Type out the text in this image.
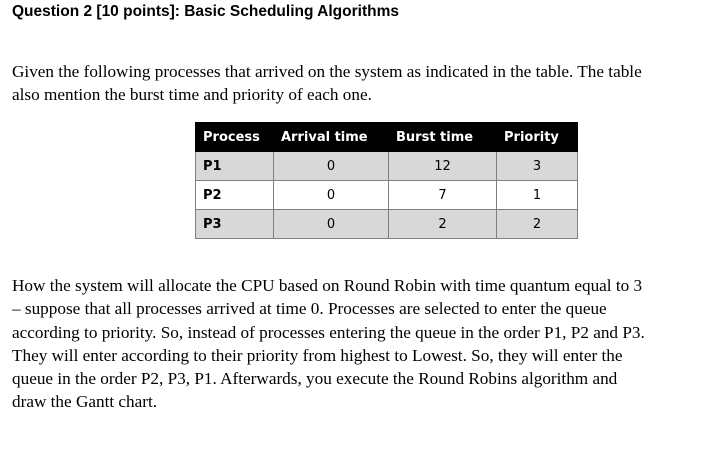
Question 2 [10 points]: Basic Scheduling Algorithms
Given the following processes that arrived on the system as indicated in the table. The table
also mention the burst time and priority of each one.
Process	Arrival time	Burst time	Priority
P1	0	12	3
P2	0	7	1
P3	0	2	2
How the system will allocate the CPU based on Round Robin with time quantum equal to 3
– suppose that all processes arrived at time 0. Processes are selected to enter the queue
according to priority. So, instead of processes entering the queue in the order P1, P2 and P3.
They will enter according to their priority from highest to Lowest. So, they will enter the
queue in the order P2, P3, P1. Afterwards, you execute the Round Robins algorithm and
draw the Gantt chart.
